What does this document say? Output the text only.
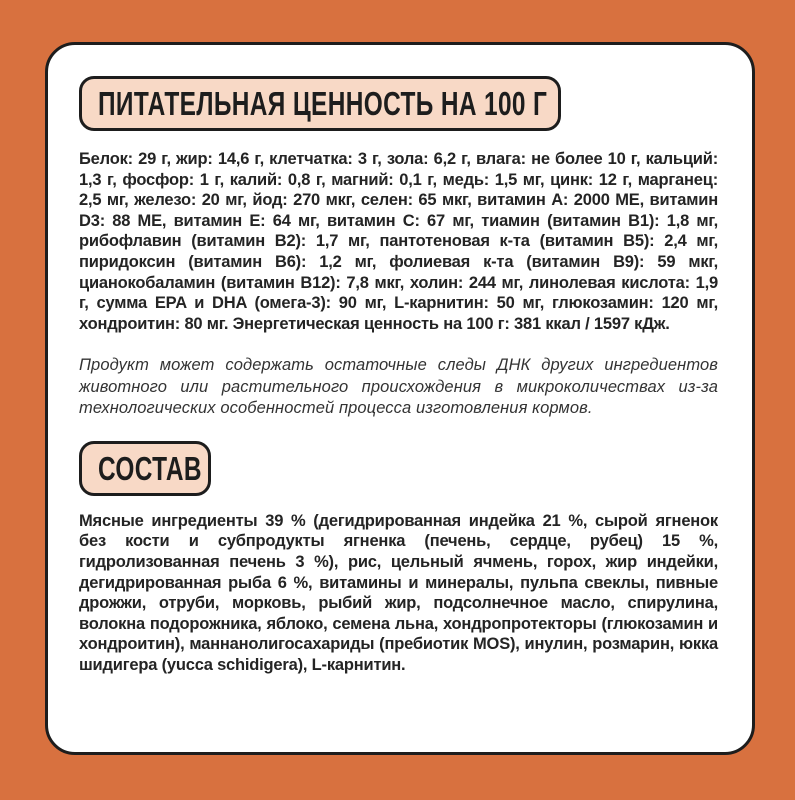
ПИТАТЕЛЬНАЯ ЦЕННОСТЬ НА 100 Г

Белок: 29 г, жир: 14,6 г, клетчатка: 3 г, зола: 6,2 г, влага: не более 10 г, кальций: 1,3 г, фосфор: 1 г, калий: 0,8 г, магний: 0,1 г, медь: 1,5 мг, цинк: 12 г, марганец: 2,5 мг, железо: 20 мг, йод: 270 мкг, селен: 65 мкг, витамин A: 2000 МЕ, витамин D3: 88 МЕ, витамин E: 64 мг, витамин C: 67 мг, тиамин (витамин B1): 1,8 мг, рибофлавин (витамин B2): 1,7 мг, пантотеновая к-та (витамин B5): 2,4 мг, пиридоксин (витамин B6): 1,2 мг, фолиевая к-та (витамин B9): 59 мкг, цианокобаламин (витамин B12): 7,8 мкг, холин: 244 мг, линолевая кислота: 1,9 г, сумма EPA и DHA (омега-3): 90 мг, L-карнитин: 50 мг, глюкозамин: 120 мг, хондроитин: 80 мг. Энергетическая ценность на 100 г: 381 ккал / 1597 кДж.

Продукт может содержать остаточные следы ДНК других ингредиентов животного или растительного происхождения в микроколичествах из-за технологических особенностей процесса изготовления кормов.

СОСТАВ

Мясные ингредиенты 39 % (дегидрированная индейка 21 %, сырой ягненок без кости и субпродукты ягненка (печень, сердце, рубец) 15 %, гидролизованная печень 3 %), рис, цельный ячмень, горох, жир индейки, дегидрированная рыба 6 %, витамины и минералы, пульпа свеклы, пивные дрожжи, отруби, морковь, рыбий жир, подсолнечное масло, спирулина, волокна подорожника, яблоко, семена льна, хондропротекторы (глюкозамин и хондроитин), маннанолигосахариды (пребиотик MOS), инулин, розмарин, юкка шидигера (yucca schidigera), L-карнитин.
